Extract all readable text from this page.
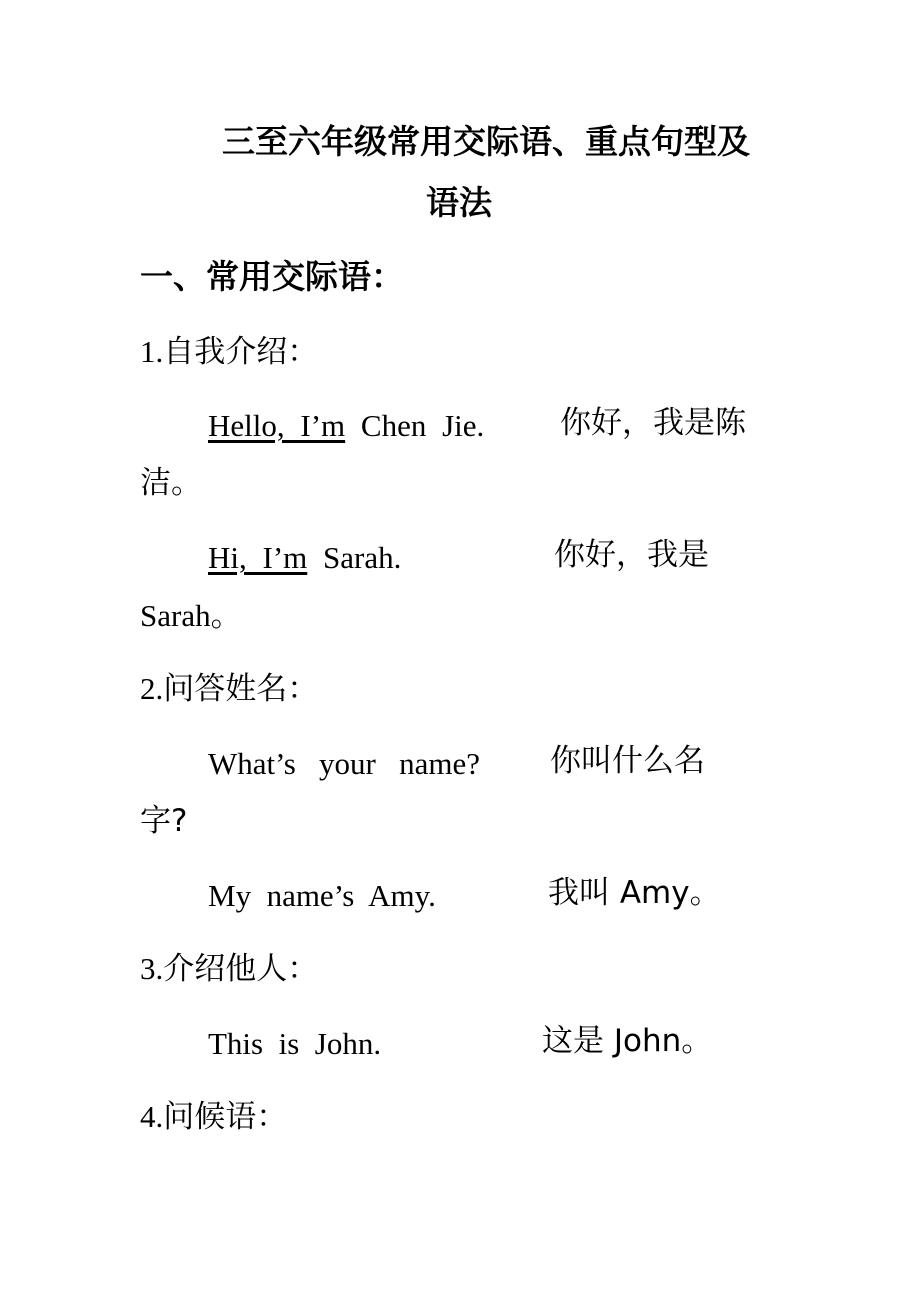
三至六年级常用交际语、重点句型及
语法
一、常用交际语：
1.自我介绍：
Hello, I’m Chen Jie. 你好，我是陈
洁。
Hi, I’m Sarah.	你好，我是
Sarah。
2.问答姓名：
What’s   your   name? 你叫什么名
字?
My  name’s  Amy.	我叫 Amy。
3.介绍他人：
This  is  John.	这是 John。
4.问候语：
